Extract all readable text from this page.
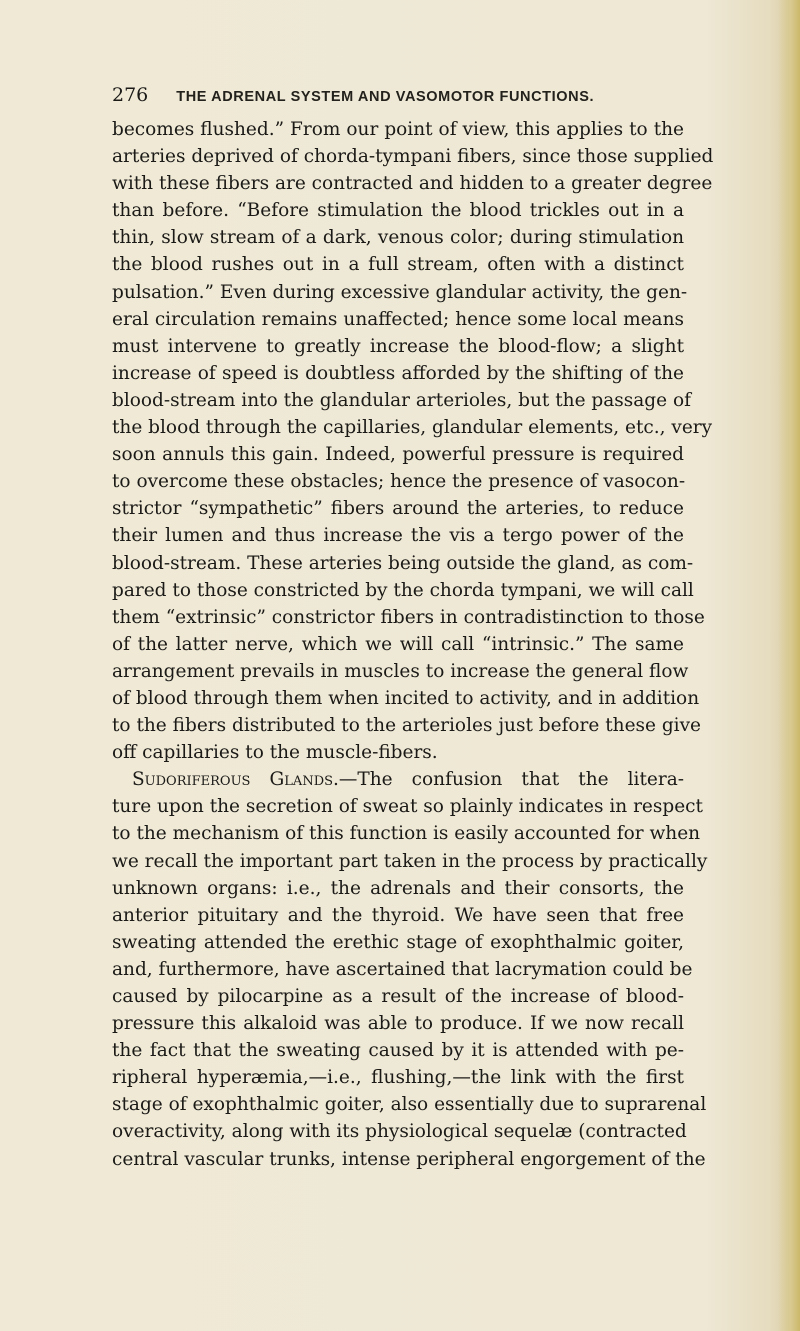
276 THE ADRENAL SYSTEM AND VASOMOTOR FUNCTIONS.
becomes flushed.” From our point of view, this applies to the
arteries deprived of chorda-tympani fibers, since those supplied
with these fibers are contracted and hidden to a greater degree
than before. “Before stimulation the blood trickles out in a
thin, slow stream of a dark, venous color; during stimulation
the blood rushes out in a full stream, often with a distinct
pulsation.” Even during excessive glandular activity, the gen-
eral circulation remains unaffected; hence some local means
must intervene to greatly increase the blood-flow; a slight
increase of speed is doubtless afforded by the shifting of the
blood-stream into the glandular arterioles, but the passage of
the blood through the capillaries, glandular elements, etc., very
soon annuls this gain. Indeed, powerful pressure is required
to overcome these obstacles; hence the presence of vasocon-
strictor “sympathetic” fibers around the arteries, to reduce
their lumen and thus increase the vis a tergo power of the
blood-stream. These arteries being outside the gland, as com-
pared to those constricted by the chorda tympani, we will call
them “extrinsic” constrictor fibers in contradistinction to those
of the latter nerve, which we will call “intrinsic.” The same
arrangement prevails in muscles to increase the general flow
of blood through them when incited to activity, and in addition
to the fibers distributed to the arterioles just before these give
off capillaries to the muscle-fibers.
Sudoriferous Glands.—The confusion that the litera-
ture upon the secretion of sweat so plainly indicates in respect
to the mechanism of this function is easily accounted for when
we recall the important part taken in the process by practically
unknown organs: i.e., the adrenals and their consorts, the
anterior pituitary and the thyroid. We have seen that free
sweating attended the erethic stage of exophthalmic goiter,
and, furthermore, have ascertained that lacrymation could be
caused by pilocarpine as a result of the increase of blood-
pressure this alkaloid was able to produce. If we now recall
the fact that the sweating caused by it is attended with pe-
ripheral hyperæmia,—i.e., flushing,—the link with the first
stage of exophthalmic goiter, also essentially due to suprarenal
overactivity, along with its physiological sequelæ (contracted
central vascular trunks, intense peripheral engorgement of the
